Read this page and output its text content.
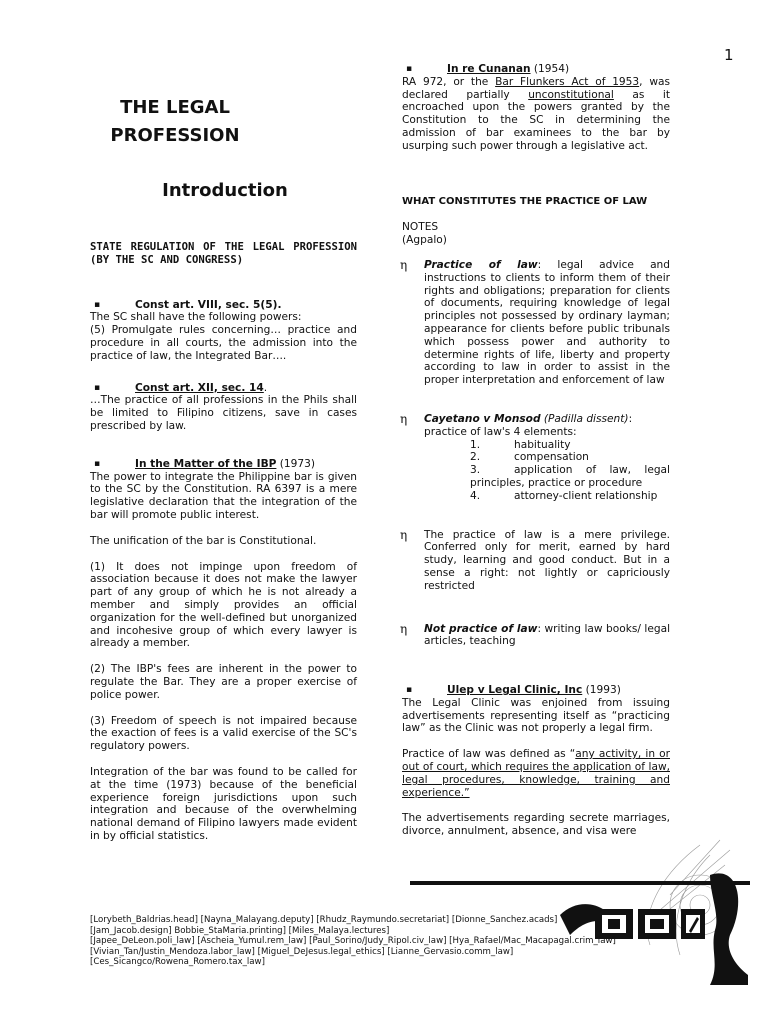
1
THE LEGAL
PROFESSION
Introduction
STATE REGULATION OF THE LEGAL PROFESSION (BY THE SC AND CONGRESS)
▪	Const art. VIII, sec. 5(5).
The SC shall have the following powers:
(5) Promulgate rules concerning… practice and procedure in all courts, the admission into the practice of law, the Integrated Bar….
▪	Const art. XII, sec. 14.
…The practice of all professions in the Phils shall be limited to Filipino citizens, save in cases prescribed by law.
▪	In the Matter of the IBP (1973)
The power to integrate the Philippine bar is given to the SC by the Constitution. RA 6397 is a mere legislative declaration that the integration of the bar will promote public interest.
The unification of the bar is Constitutional.
(1) It does not impinge upon freedom of association because it does not make the lawyer part of any group of which he is not already a member and simply provides an official organization for the well-defined but unorganized and incohesive group of which every lawyer is already a member.
(2) The IBP's fees are inherent in the power to regulate the Bar. They are a proper exercise of police power.
(3) Freedom of speech is not impaired because the exaction of fees is a valid exercise of the SC's regulatory powers.
Integration of the bar was found to be called for at the time (1973) because of the beneficial experience foreign jurisdictions upon such integration and because of the overwhelming national demand of Filipino lawyers made evident in by official statistics.
▪	In re Cunanan (1954)
RA 972, or the Bar Flunkers Act of 1953, was declared partially unconstitutional as it encroached upon the powers granted by the Constitution to the SC in determining the admission of bar examinees to the bar by usurping such power through a legislative act.
WHAT CONSTITUTES THE PRACTICE OF LAW
NOTES
(Agpalo)
η Practice of law: legal advice and instructions to clients to inform them of their rights and obligations; preparation for clients of documents, requiring knowledge of legal principles not possessed by ordinary layman; appearance for clients before public tribunals which possess power and authority to determine rights of life, liberty and property according to law in order to assist in the proper interpretation and enforcement of law
η Cayetano v Monsod (Padilla dissent):
practice of law's 4 elements:
1.	habituality
2.	compensation
3.	application of law, legal principles, practice or procedure
4.	attorney-client relationship
η The practice of law is a mere privilege. Conferred only for merit, earned by hard study, learning and good conduct. But in a sense a right: not lightly or capriciously restricted
η Not practice of law: writing law books/ legal articles, teaching
▪	Ulep v Legal Clinic, Inc (1993)
The Legal Clinic was enjoined from issuing advertisements representing itself as “practicing law” as the Clinic was not properly a legal firm.
Practice of law was defined as “any activity, in or out of court, which requires the application of law, legal procedures, knowledge, training and experience.”
The advertisements regarding secrete marriages, divorce, annulment, absence, and visa were
[Lorybeth_Baldrias.head] [Nayna_Malayang.deputy] [Rhudz_Raymundo.secretariat] [Dionne_Sanchez.acads]
[Jam_Jacob.design] Bobbie_StaMaria.printing] [Miles_Malaya.lectures]
[Japee_DeLeon.poli_law] [Ascheia_Yumul.rem_law] [Paul_Sorino/Judy_Ripol.civ_law] [Hya_Rafael/Mac_Macapagal.crim_law]
[Vivian_Tan/Justin_Mendoza.labor_law] [Miguel_DeJesus.legal_ethics] [Lianne_Gervasio.comm_law]
[Ces_Sicangco/Rowena_Romero.tax_law]
